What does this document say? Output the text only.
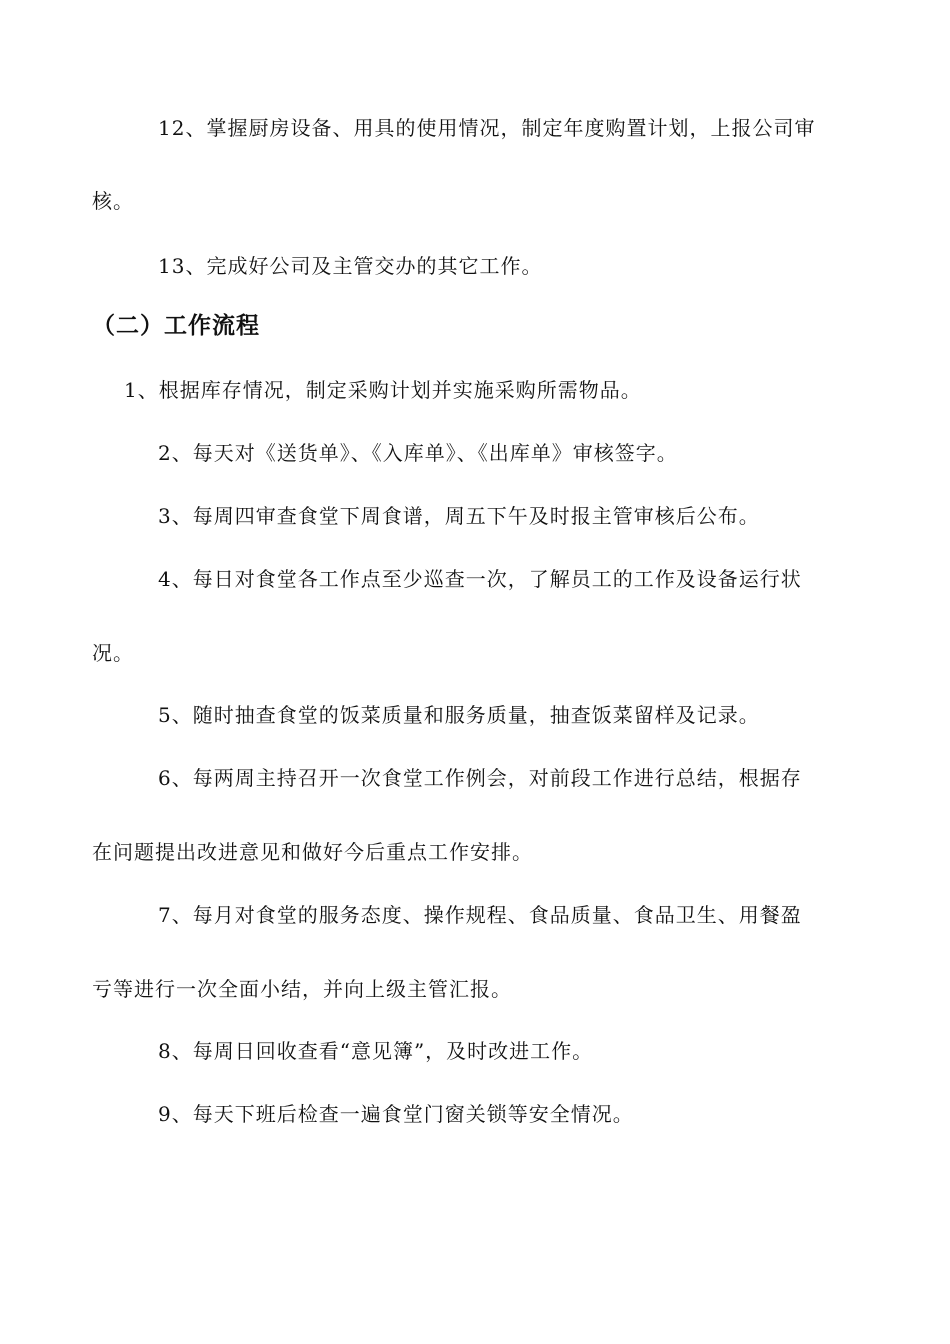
12、掌握厨房设备、用具的使用情况，制定年度购置计划，上报公司审
核。
13、完成好公司及主管交办的其它工作。
（二）工作流程
1、根据库存情况，制定采购计划并实施采购所需物品。
2、每天对《送货单》、《入库单》、《出库单》审核签字。
3、每周四审查食堂下周食谱，周五下午及时报主管审核后公布。
4、每日对食堂各工作点至少巡查一次，了解员工的工作及设备运行状
况。
5、随时抽查食堂的饭菜质量和服务质量，抽查饭菜留样及记录。
6、每两周主持召开一次食堂工作例会，对前段工作进行总结，根据存
在问题提出改进意见和做好今后重点工作安排。
7、每月对食堂的服务态度、操作规程、食品质量、食品卫生、用餐盈
亏等进行一次全面小结，并向上级主管汇报。
8、每周日回收查看“意见簿”，及时改进工作。
9、每天下班后检查一遍食堂门窗关锁等安全情况。
